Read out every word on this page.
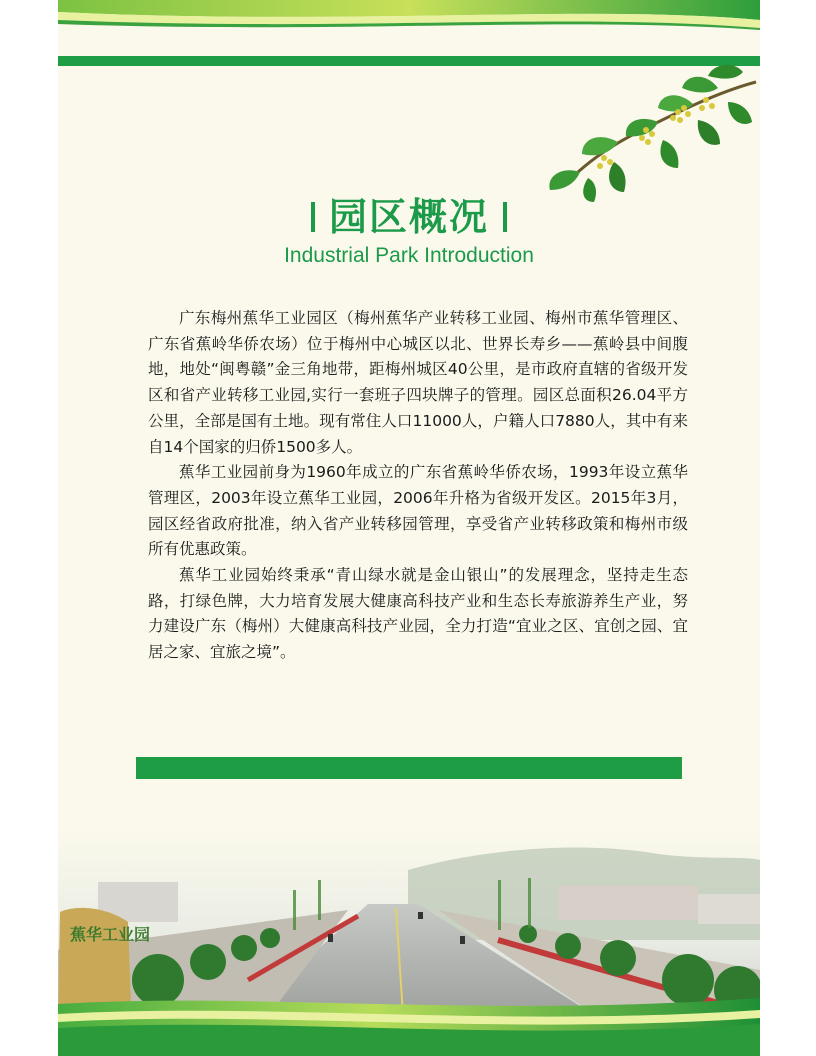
园区概况
Industrial Park Introduction

广东梅州蕉华工业园区（梅州蕉华产业转移工业园、梅州市蕉华管理区、广东省蕉岭华侨农场）位于梅州中心城区以北、世界长寿乡——蕉岭县中间腹地，地处“闽粤赣”金三角地带，距梅州城区40公里，是市政府直辖的省级开发区和省产业转移工业园,实行一套班子四块牌子的管理。园区总面积26.04平方公里，全部是国有土地。现有常住人口11000人，户籍人口7880人，其中有来自14个国家的归侨1500多人。

蕉华工业园前身为1960年成立的广东省蕉岭华侨农场，1993年设立蕉华管理区，2003年设立蕉华工业园，2006年升格为省级开发区。2015年3月，园区经省政府批准，纳入省产业转移园管理，享受省产业转移政策和梅州市级所有优惠政策。

蕉华工业园始终秉承“青山绿水就是金山银山”的发展理念，坚持走生态路，打绿色牌，大力培育发展大健康高科技产业和生态长寿旅游养生产业，努力建设广东（梅州）大健康高科技产业园，全力打造“宜业之区、宜创之园、宜居之家、宜旅之境”。

蕉华工业园
